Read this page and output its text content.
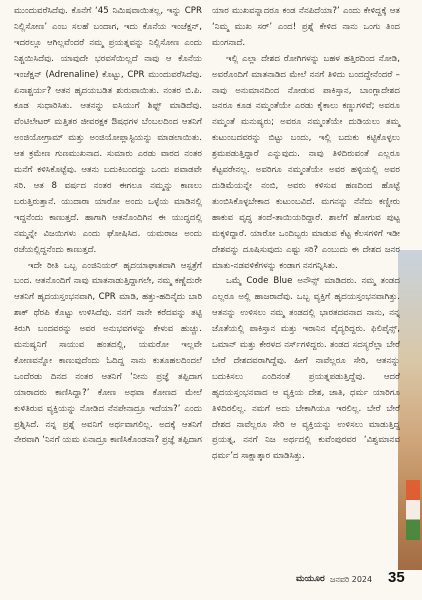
ಮುಂದುವರೆಸಿದೆವು. ಕೊನೆಗೆ ‘45 ನಿಮಿಷವಾಯಿತಲ್ಲ, ಇನ್ನು CPR ನಿಲ್ಲಿಸೋಣ’ ಎಂಬ ಸಲಹೆ ಬಂದಾಗ, ಇದು ಕೊನೆಯ ಇಂಜೆಕ್ಷನ್, ಇದರಲ್ಲೂ ಆಗಿಲ್ಲವೆಂದರೆ ನಮ್ಮ ಪ್ರಯತ್ನವನ್ನು ನಿಲ್ಲಿಸೋಣ ಎಂದು ನಿಶ್ಚಯಿಸಿದೆವು. ಯಾವುದೇ ಭರವಸೆಯಿಲ್ಲದೆ ನಾವು ಆ ಕೊನೆಯ ಇಂಜೆಕ್ಷನ್ (Adrenaline) ಕೊಟ್ಟು, CPR ಮುಂದುವರೆಸಿದೆವು. ಏನಾಶ್ಚರ್ಯ? ಆತನ ಹೃದಯಬಡಿತ ಶುರುವಾಯಿತು. ನಂತರ ಬಿ.ಪಿ. ಕೂಡ ಸುಧಾರಿಸಿತು. ಆತನನ್ನು ಐಸಿಯುಗೆ ಶಿಫ್ಟ್ ಮಾಡಿದೆವು. ವೆಂಟಿಲೇಟರ್ ಮತ್ತಿತರ ಜೀವರಕ್ಷಕ ಔಷಧಗಳ ಬೆಂಬಲದಿಂದ ಆತನಿಗೆ ಅಂಜಿಯೋಗ್ರಾಮ್ ಮತ್ತು ಅಂಜಿಯೋಪ್ಲಾಸ್ಟಿಯನ್ನು ಮಾಡಲಾಯಿತು. ಆತ ಕ್ರಮೇಣ ಗುಣಮುಖನಾದ. ಸುಮಾರು ಎರಡು ವಾರದ ನಂತರ ಮನೆಗೆ ಕಳಿಸಿಕೊಟ್ಟೆವು. ಆತನು ಬದುಕಿಬಂದದ್ದು ಒಂದು ಪವಾಡವೇ ಸರಿ. ಆತ 8 ವರ್ಷದ ನಂತರ ಈಗಲೂ ನಮ್ಮನ್ನು ಕಾಣಲು ಬರುತ್ತಿರುತ್ತಾನೆ. ಯುದಾರಾ ಯಾರೋ ಅಂದು ಒಳ್ಳೆಯ ಮಾಡಿನಲ್ಲಿ ಇದ್ದನೆಂದು ಕಾಣುತ್ತದೆ. ಹಾಗಾಗಿ ಆತನೊಂದಿಗಿನ ಈ ಯುದ್ಧದಲ್ಲಿ ನಮ್ಮನ್ನೇ ವಿಜಯಿಗಳು ಎಂದು ಘೋಷಿಸಿದ. ಯಮರಾಜ ಅಂದು ರಜೆಯಲ್ಲಿದ್ದನೆಂದು ಕಾಣುತ್ತದೆ.

ಇದೇ ರೀತಿ ಒಬ್ಬ ಎಂಜಿನಿಯರ್ ಹೃದಯಾಘಾತವಾಗಿ ಆಸ್ಪತ್ರೆಗೆ ಬಂದ. ಆತನೊಂದಿಗೆ ನಾವು ಮಾತನಾಡುತ್ತಿದ್ದಾಗಲೇ, ನಮ್ಮ ಕಣ್ಣೆದುರೇ ಆತನಿಗೆ ಹೃದಯಸ್ತಂಭನವಾಗಿ, CPR ಮಾಡಿ, ಹತ್ತು-ಹದಿನೈದು ಬಾರಿ ಶಾಕ್ ಥೆರಪಿ ಕೊಟ್ಟು ಉಳಿಸಿದೆವು. ನನಗೆ ನಾನೇ ಕರೆದವನ್ನು ತಟ್ಟಿ ಕಿರುಗಿ ಬಂದವರನ್ನು ಅವರ ಅನುಭವಗಳನ್ನು ಕೇಳುವ ಹುಚ್ಚು. ಮನುಷ್ಯನಿಗೆ ಸಾಯುವ ಹಂತದಲ್ಲಿ, ಯಮರೋ ಇಲ್ಲವೇ ಕೋಣವನ್ನೋ ಕಾಣುವುದೆಂದು ಓದಿದ್ದ ನಾನು ಕುತೂಹಲದಿಂದಲೆ ಒಂದೆರಡು ದಿನದ ನಂತರ ಆತನಿಗೆ ‘ನೀನು ಪ್ರಜ್ಞೆ ತಪ್ಪಿದಾಗ ಯಾರಾದರು ಕಾಣಿಸಿದ್ದಾ?’ ಕೋಣ ಅಥವಾ ಕೋಣದ ಮೇಲೆ ಕುಳಿತಿರುವ ವ್ಯಕ್ತಿಯನ್ನು ನೋಡಿದ ನೆನಪೇನಾದ್ರೂ ಇದೆಯಾ?’ ಎಂದು ಪ್ರಶ್ನಿಸಿದೆ. ನನ್ನ ಪ್ರಶ್ನೆ ಅವನಿಗೆ ಅರ್ಥವಾಗಲಿಲ್ಲ. ಅದಕ್ಕೆ ಆತನಿಗೆ ನೇರವಾಗಿ ‘ನಿನಗೆ ಯಮ ಏನಾದ್ರೂ ಕಾಣಿಸಿಕೊಂಡನಾ? ಪ್ರಜ್ಞೆ ತಪ್ಪಿದಾಗ

ಯಾರ ಮುಖವನ್ನಾದರೂ ಕಂಡ ನೆನಪಿದೆಯಾ?’ ಎಂದು ಕೇಳಿದ್ದಕ್ಕೆ ಆತ ‘ನಿಮ್ಮ ಮುಖ ಸರ್’ ಎಂದ! ಪ್ರಶ್ನೆ ಕೇಳಿದ ನಾನು ಒಂಗು ತಿಂದ ಮಂಗನಾದೆ.

ಇಲ್ಲಿ ಎಲ್ಲಾ ದೇಶದ ರೋಗಿಗಳನ್ನು ಬಹಳ ಹತ್ತಿರದಿಂದ ನೋಡಿ, ಅವರೊಂದಿಗೆ ಮಾತನಾಡಿದ ಮೇಲೆ ನನಗೆ ತಿಳಿದು ಬಂದದ್ದೇನೆಂದರೆ – ನಾವು ಅನುಮಾನದಿಂದ ನೋಡುವ ಪಾಕಿಸ್ತಾನ, ಬಾಂಗ್ಲಾದೇಶದ ಜನರೂ ಕೂಡ ನಮ್ಮಂತೆಯೇ ಎರಡು ಕೈಕಾಲು ಕಣ್ಣುಗಳಿವೆ; ಅವರೂ ನಮ್ಮಂತೆ ಮನುಷ್ಯರು; ಅವರೂ ನಮ್ಮಂತೆಯೇ ದುಡಿಯಲು ತಮ್ಮ ಕುಟುಂಬದವರನ್ನು ಬಿಟ್ಟು ಬಂದು, ಇಲ್ಲಿ ಬದುಕು ಕಟ್ಟಿಕೊಳ್ಳಲು ಶ್ರಮಪಡುತ್ತಿದ್ದಾರೆ ಎನ್ನುವುದು. ನಾವು ತಿಳಿದಿರುವಂತೆ ಎಲ್ಲರೂ ಕೆಟ್ಟವರೇನಲ್ಲ. ಅವರಿಗೂ ನಮ್ಮಂತೆಯೇ ಅವರ ಹಳ್ಳಿಯಲ್ಲಿ ಅವರ ದುಡಿಮೆಯನ್ನೇ ನಂಬಿ, ಅವರು ಕಳಿಸುವ ಹಣದಿಂದ ಹೊಟ್ಟೆ ತುಂಬಿಸಿಕೊಳ್ಳಬೇಕಾದ ಕುಟುಂಬವಿದೆ. ಮಗನನ್ನು ನೆನೆದು ಕಣ್ಣೀರು ಹಾಕುವ ವೃದ್ಧ ತಂದೆ-ತಾಯಿಯರಿದ್ದಾರೆ. ಶಾಲೆಗೆ ಹೋಗುವ ಪುಟ್ಟ ಮಕ್ಕಳಿದ್ದಾರೆ. ಯಾರೋ ಒಂದಿಬ್ಬರು ಮಾಡುವ ಕೆಟ್ಟ ಕೆಲಸಗಳಿಗೆ ಇಡೀ ದೇಶವನ್ನು ದೂಷಿಸುವುದು ಎಷ್ಟು ಸರಿ? ಎಂಬುದು ಈ ದೇಶದ ಜನರ ಮಾತು-ನಡವಳಿಕೆಗಳನ್ನು ಕಂಡಾಗ ನನಗನ್ನಿಸಿತು.

ಒಮ್ಮೆ Code Blue ಅನೌನ್ಸ್ ಮಾಡಿದರು. ನಮ್ಮ ತಂಡದ ಎಲ್ಲರೂ ಅಲ್ಲಿ ಹಾಜರಾದೆವು. ಒಬ್ಬ ವ್ಯಕ್ತಿಗೆ ಹೃದಯಸ್ತಂಭನವಾಗಿತ್ತು. ಆತನನ್ನು ಉಳಿಸಲು ನಮ್ಮ ತಂಡದಲ್ಲಿ ಭಾರತದವನಾದ ನಾನು, ನನ್ನ ಜೊತೆಯಲ್ಲಿ ಪಾಕಿಸ್ತಾನ ಮತ್ತು ಇರಾನಿನ ವೈದ್ಯರಿದ್ದರು. ಫಿಲಿಪೈನ್ಸ್, ಒಮಾನ್ ಮತ್ತು ಕೇರಳದ ನರ್ಸ್‌ಗಳಿದ್ದರು. ತಂಡದ ಸದಸ್ಯರೆಲ್ಲಾ ಬೇರೆ ಬೇರೆ ದೇಶದವರಾಗಿದ್ದೆವು. ಹೀಗೆ ನಾವೆಲ್ಲರೂ ಸೇರಿ, ಆತನನ್ನು ಬದುಕಿಸಲು ಎಂದಿನಂತೆ ಪ್ರಯತ್ನಪಡುತ್ತಿದ್ದೆವು. ಆದರೆ ಹೃದಯಸ್ತಂಭನವಾದ ಆ ವ್ಯಕ್ತಿಯ ದೇಶ, ಜಾತಿ, ಧರ್ಮ ಯಾರಿಗೂ ತಿಳಿದಿರಲಿಲ್ಲ. ನಮಗೆ ಅದು ಬೇಕಾಗಿಯೂ ಇರಲಿಲ್ಲ. ಬೇರೆ ಬೇರೆ ದೇಶದ ನಾವೆಲ್ಲರೂ ಸೇರಿ ಆ ವ್ಯಕ್ತಿಯನ್ನು ಉಳಿಸಲು ಮಾಡುತ್ತಿದ್ದ ಪ್ರಯತ್ನ, ನನಗೆ ನಿಜ ಅರ್ಥದಲ್ಲಿ ಕುವೆಂಪುರವರ ‘ವಿಶ್ವಮಾನವ ಧರ್ಮ’ದ ಸಾಕ್ಷಾತ್ಕಾರ ಮಾಡಿಸಿತ್ತು.

ಮಯೂರ ಜನವರಿ 2024 35
